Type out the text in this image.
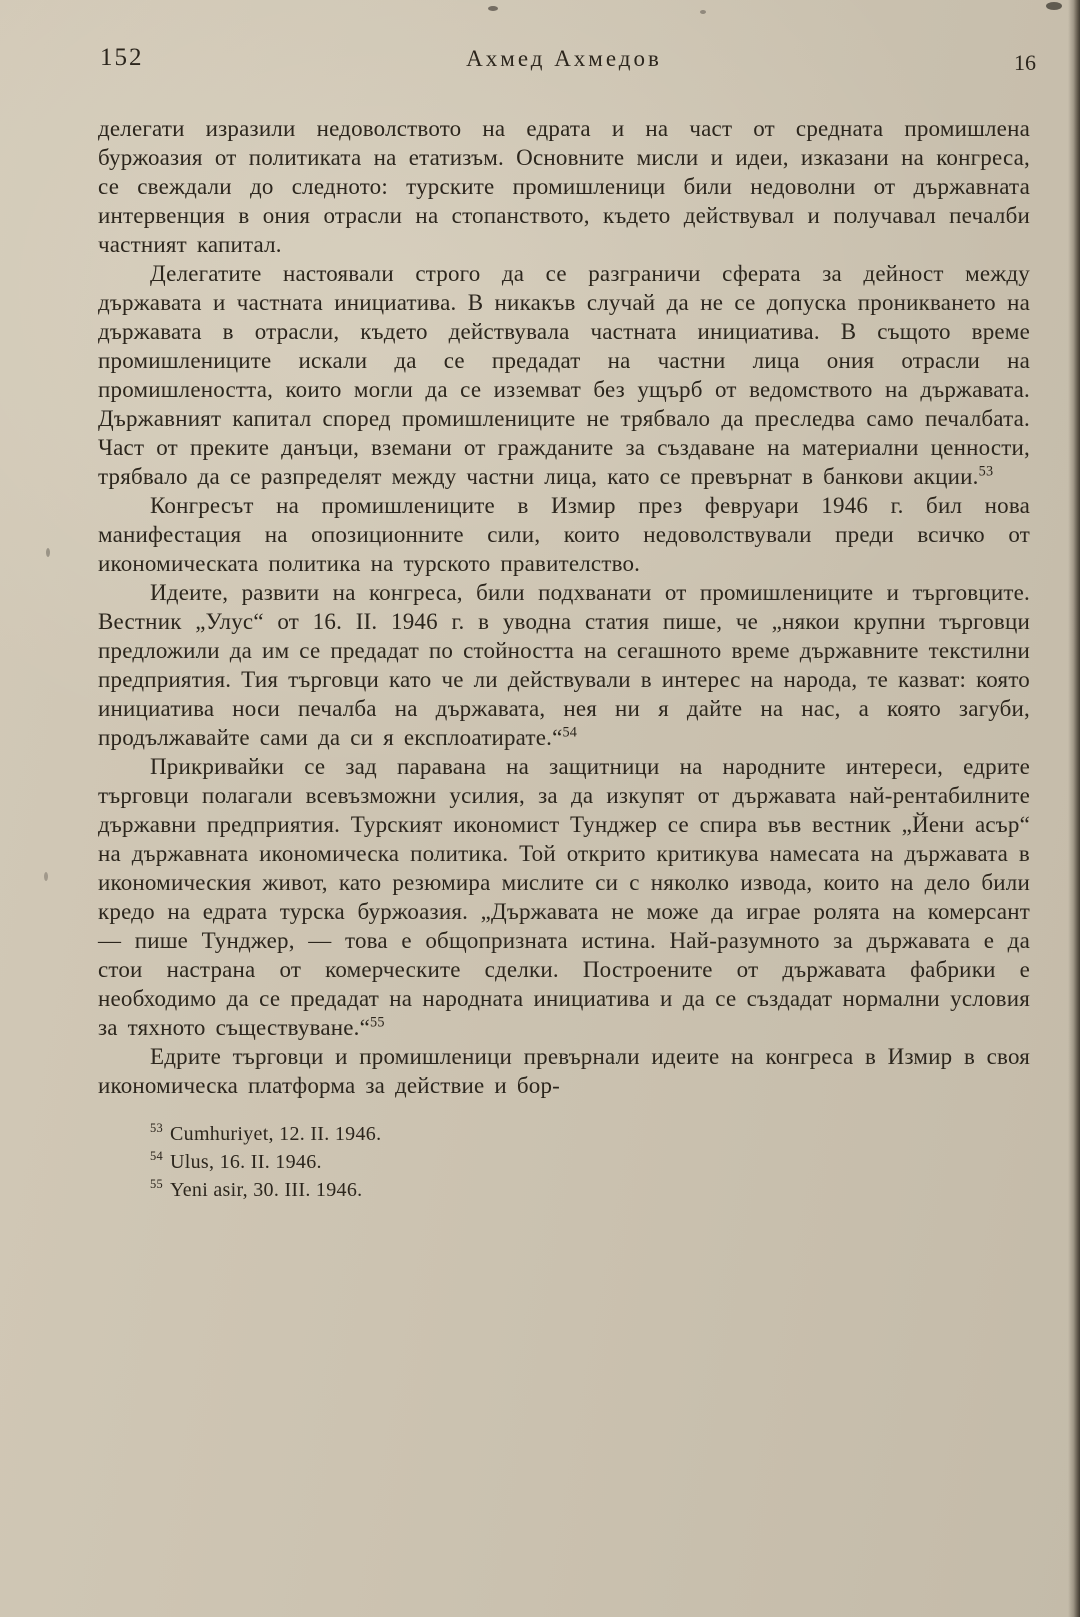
152	Ахмед Ахмедов	16

делегати изразили недоволството на едрата и на част от средната промишлена буржоазия от политиката на етатизъм. Основните мисли и идеи, изказани на конгреса, се свеждали до следното: турските промишленици били недоволни от държавната интервенция в ония отрасли на стопанството, където действувал и получавал печалби частният капитал.

Делегатите настоявали строго да се разграничи сферата за дейност между държавата и частната инициатива. В никакъв случай да не се допуска проникването на държавата в отрасли, където действувала частната инициатива. В същото време промишлениците искали да се предадат на частни лица ония отрасли на промишлеността, които могли да се изземват без ущърб от ведомството на държавата. Държавният капитал според промишлениците не трябвало да преследва само печалбата. Част от преките данъци, вземани от гражданите за създаване на материални ценности, трябвало да се разпределят между частни лица, като се превърнат в банкови акции.$^{53}$

Конгресът на промишлениците в Измир през февруари 1946 г. бил нова манифестация на опозиционните сили, които недоволствували преди всичко от икономическата политика на турското правителство.

Идеите, развити на конгреса, били подхванати от промишлениците и търговците. Вестник „Улус“ от 16. II. 1946 г. в уводна статия пише, че „някои крупни търговци предложили да им се предадат по стойността на сегашното време държавните текстилни предприятия. Тия търговци като че ли действували в интерес на народа, те казват: която инициатива носи печалба на държавата, нея ни я дайте на нас, а която загуби, продължавайте сами да си я експлоатирате.“$^{54}$

Прикривайки се зад паравана на защитници на народните интереси, едрите търговци полагали всевъзможни усилия, за да изкупят от държавата най-рентабилните държавни предприятия. Турският икономист Тунджер се спира във вестник „Йени асър“ на държавната икономическа политика. Той открито критикува намесата на държавата в икономическия живот, като резюмира мислите си с няколко извода, които на дело били кредо на едрата турска буржоазия. „Държавата не може да играе ролята на комерсант — пише Тунджер, — това е общопризната истина. Най-разумното за държавата е да стои настрана от комерческите сделки. Построените от държавата фабрики е необходимо да се предадат на народната инициатива и да се създадат нормални условия за тяхното съществуване.“$^{55}$

Едрите търговци и промишленици превърнали идеите на конгреса в Измир в своя икономическа платформа за действие и бор-

$^{53}$ Cumhuriyet, 12. II. 1946.

$^{54}$ Ulus, 16. II. 1946.

$^{55}$ Yeni asir, 30. III. 1946.
